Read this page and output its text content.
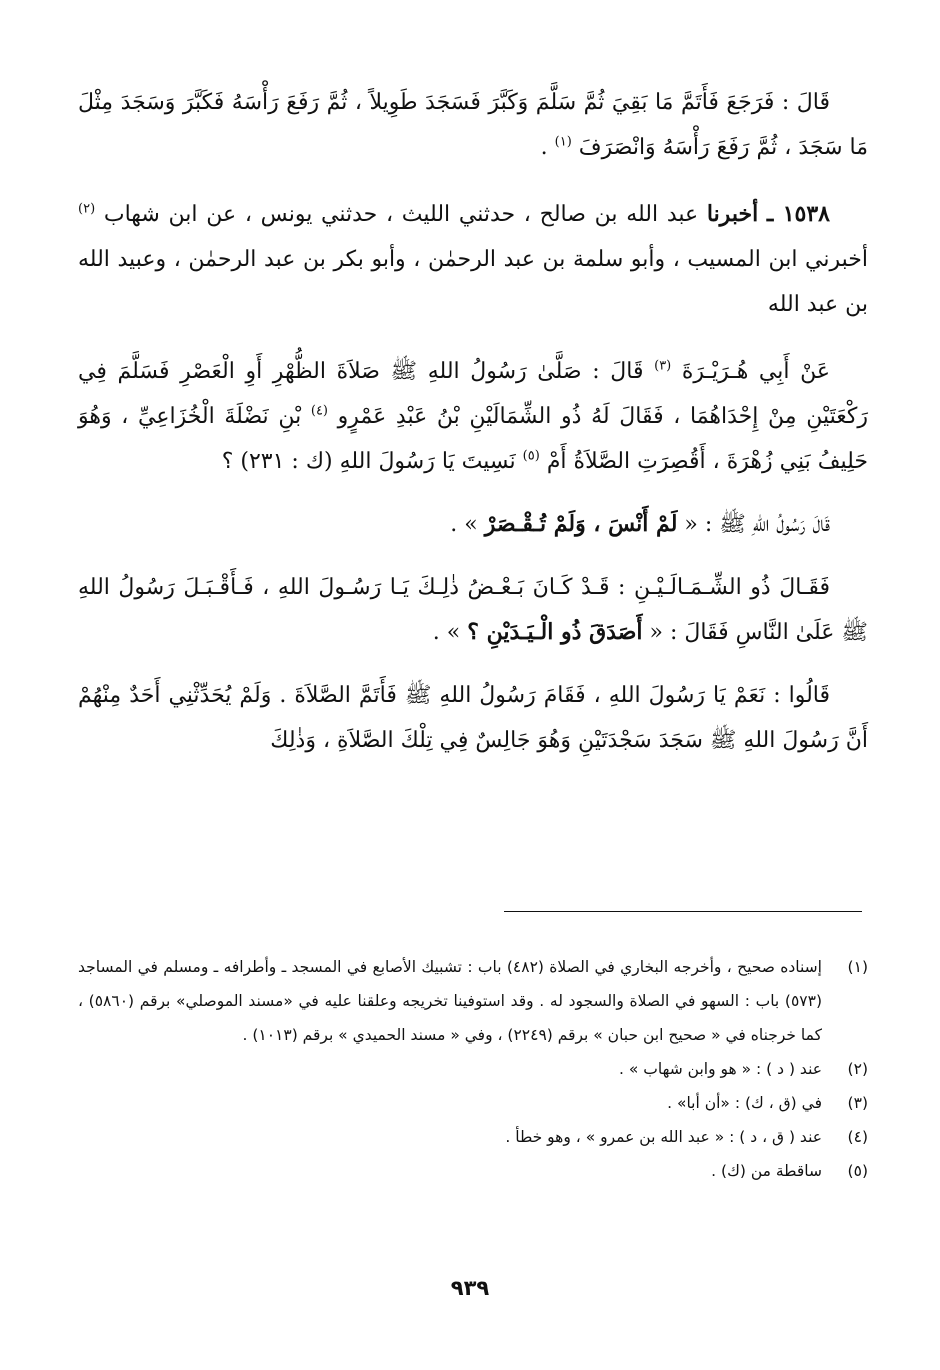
قَالَ : فَرَجَعَ فَأَتَمَّ مَا بَقِيَ ثُمَّ سَلَّمَ وَكَبَّرَ فَسَجَدَ طَوِيلاً ، ثُمَّ رَفَعَ رَأْسَهُ فَكَبَّرَ وَسَجَدَ مِثْلَ مَا سَجَدَ ، ثُمَّ رَفَعَ رَأْسَهُ وَانْصَرَفَ $^{(١)}$ .

١٥٣٨ ـ أخبرنا عبد الله بن صالح ، حدثني الليث ، حدثني يونس ، عن ابن شهاب $^{(٢)}$ أخبرني ابن المسيب ، وأبو سلمة بن عبد الرحمٰن ، وأبو بكر بن عبد الرحمٰن ، وعبيد الله بن عبد الله

عَنْ أَبِي هُـرَيْـرَةَ $^{(٣)}$ قَالَ : صَلَّىٰ رَسُولُ اللهِ ﷺ صَلاَةَ الظُّهْرِ أَوِ الْعَصْرِ فَسَلَّمَ فِي رَكْعَتَيْنِ مِنْ إِحْدَاهُمَا ، فَقَالَ لَهُ ذُو الشِّمَالَيْنِ بْنُ عَبْدِ عَمْرٍو $^{(٤)}$ بْنِ نَضْلَةَ الْخُزَاعِيِّ ، وَهُوَ حَلِيفُ بَنِي زُهْرَةَ ، أَقُصِرَتِ الصَّلاَةُ أَمْ $^{(٥)}$ نَسِيتَ يَا رَسُولَ اللهِ (ك : ٢٣١) ؟

قَالَ رَسُولُ اللهِ ﷺ : « لَمْ أَنْسَ ، وَلَمْ تُـقْـصَرْ » .

فَقَـالَ ذُو الشِّـمَـالَـيْـنِ : قَـدْ كَـانَ بَـعْـضُ ذٰلِـكَ يَـا رَسُـولَ اللهِ ، فَـأَقْـبَـلَ رَسُولُ اللهِ ﷺ عَلَىٰ النَّاسِ فَقَالَ : « أَصَدَقَ ذُو الْـيَـدَيْنِ ؟ » .

قَالُوا : نَعَمْ يَا رَسُولَ اللهِ ، فَقَامَ رَسُولُ اللهِ ﷺ فَأَتَمَّ الصَّلاَةَ . وَلَمْ يُحَدِّثْنِي أَحَدٌ مِنْهُمْ أَنَّ رَسُولَ اللهِ ﷺ سَجَدَ سَجْدَتَيْنِ وَهُوَ جَالِسٌ فِي تِلْكَ الصَّلاَةِ ، وَذٰلِكَ

(١)
إسناده صحيح ، وأخرجه البخاري في الصلاة (٤٨٢) باب : تشبيك الأصابع في المسجد ـ وأطرافه ـ ومسلم في المساجد (٥٧٣) باب : السهو في الصلاة والسجود له . وقد استوفينا تخريجه وعلقنا عليه في «مسند الموصلي» برقم (٥٨٦٠) ، كما خرجناه في « صحيح ابن حبان » برقم (٢٢٤٩) ، وفي « مسند الحميدي » برقم (١٠١٣) .
(٢)
عند ( د ) : « هو وابن شهاب » .
(٣)
في (ق ، ك) : «أن أبا» .
(٤)
عند ( ق ، د ) : « عبد الله بن عمرو » ، وهو خطأ .
(٥)
ساقطة من (ك) .
٩٣٩
